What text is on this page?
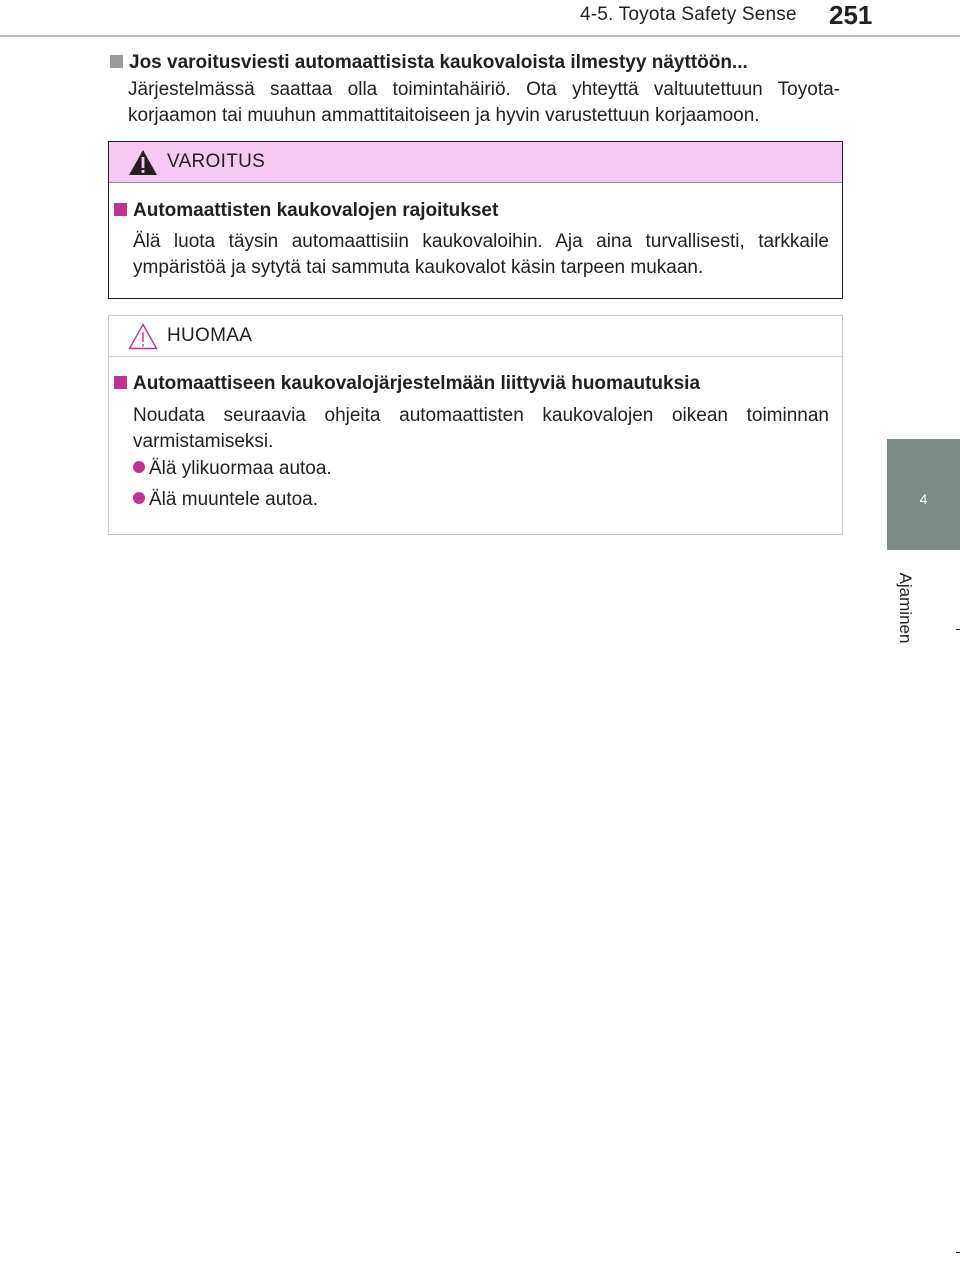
4-5. Toyota Safety Sense 251
4
Ajaminen
Jos varoitusviesti automaattisista kaukovaloista ilmestyy näyttöön...
Järjestelmässä saattaa olla toimintahäiriö. Ota yhteyttä valtuutettuun Toyota-korjaamon tai muuhun ammattitaitoiseen ja hyvin varustettuun korjaamoon.
VAROITUS
Automaattisten kaukovalojen rajoitukset
Älä luota täysin automaattisiin kaukovaloihin. Aja aina turvallisesti, tarkkaile ympäristöä ja sytytä tai sammuta kaukovalot käsin tarpeen mukaan.
HUOMAA
Automaattiseen kaukovalojärjestelmään liittyviä huomautuksia
Noudata seuraavia ohjeita automaattisten kaukovalojen oikean toiminnan varmistamiseksi.
Älä ylikuormaa autoa.
Älä muuntele autoa.
